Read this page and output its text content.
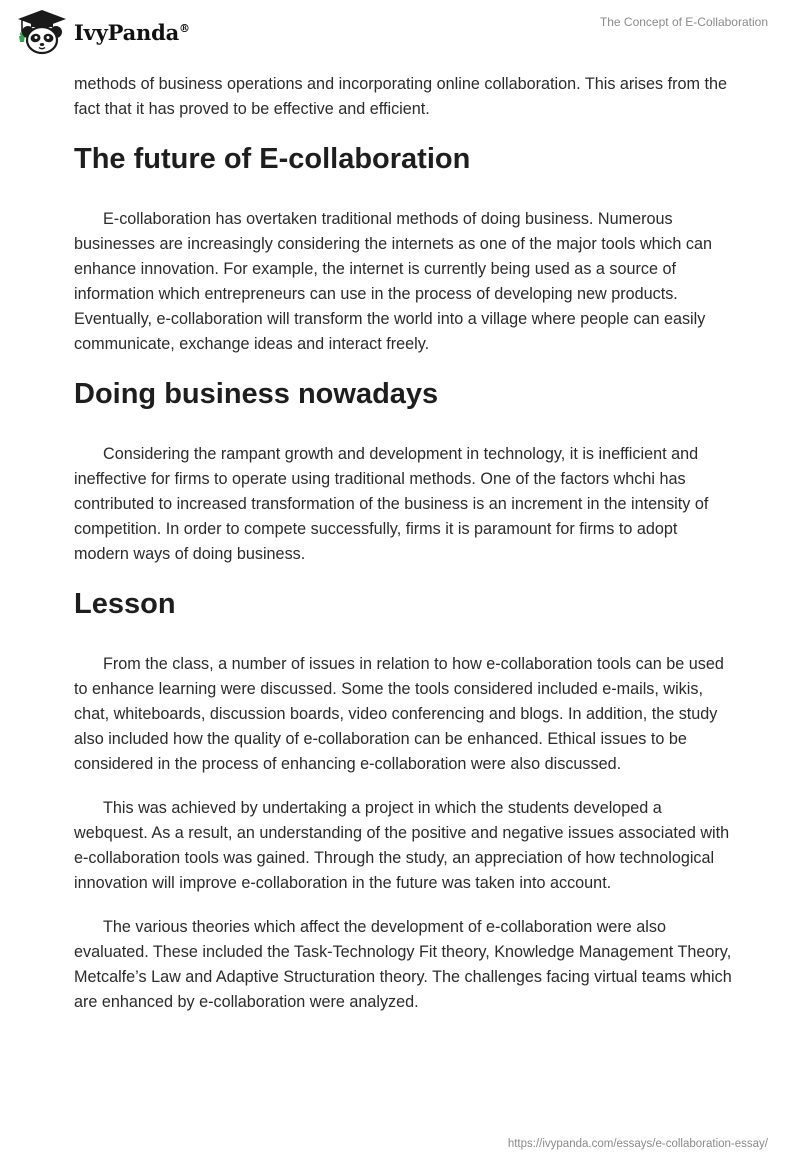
IvyPanda®	The Concept of E-Collaboration

methods of business operations and incorporating online collaboration. This arises from the fact that it has proved to be effective and efficient.

The future of E-collaboration

E-collaboration has overtaken traditional methods of doing business. Numerous businesses are increasingly considering the internets as one of the major tools which can enhance innovation. For example, the internet is currently being used as a source of information which entrepreneurs can use in the process of developing new products. Eventually, e-collaboration will transform the world into a village where people can easily communicate, exchange ideas and interact freely.

Doing business nowadays

Considering the rampant growth and development in technology, it is inefficient and ineffective for firms to operate using traditional methods. One of the factors whchi has contributed to increased transformation of the business is an increment in the intensity of competition. In order to compete successfully, firms it is paramount for firms to adopt modern ways of doing business.

Lesson

From the class, a number of issues in relation to how e-collaboration tools can be used to enhance learning were discussed. Some the tools considered included e-mails, wikis, chat, whiteboards, discussion boards, video conferencing and blogs. In addition, the study also included how the quality of e-collaboration can be enhanced. Ethical issues to be considered in the process of enhancing e-collaboration were also discussed.

This was achieved by undertaking a project in which the students developed a webquest. As a result, an understanding of the positive and negative issues associated with e-collaboration tools was gained. Through the study, an appreciation of how technological innovation will improve e-collaboration in the future was taken into account.

The various theories which affect the development of e-collaboration were also evaluated. These included the Task-Technology Fit theory, Knowledge Management Theory, Metcalfe’s Law and Adaptive Structuration theory. The challenges facing virtual teams which are enhanced by e-collaboration were analyzed.

https://ivypanda.com/essays/e-collaboration-essay/
